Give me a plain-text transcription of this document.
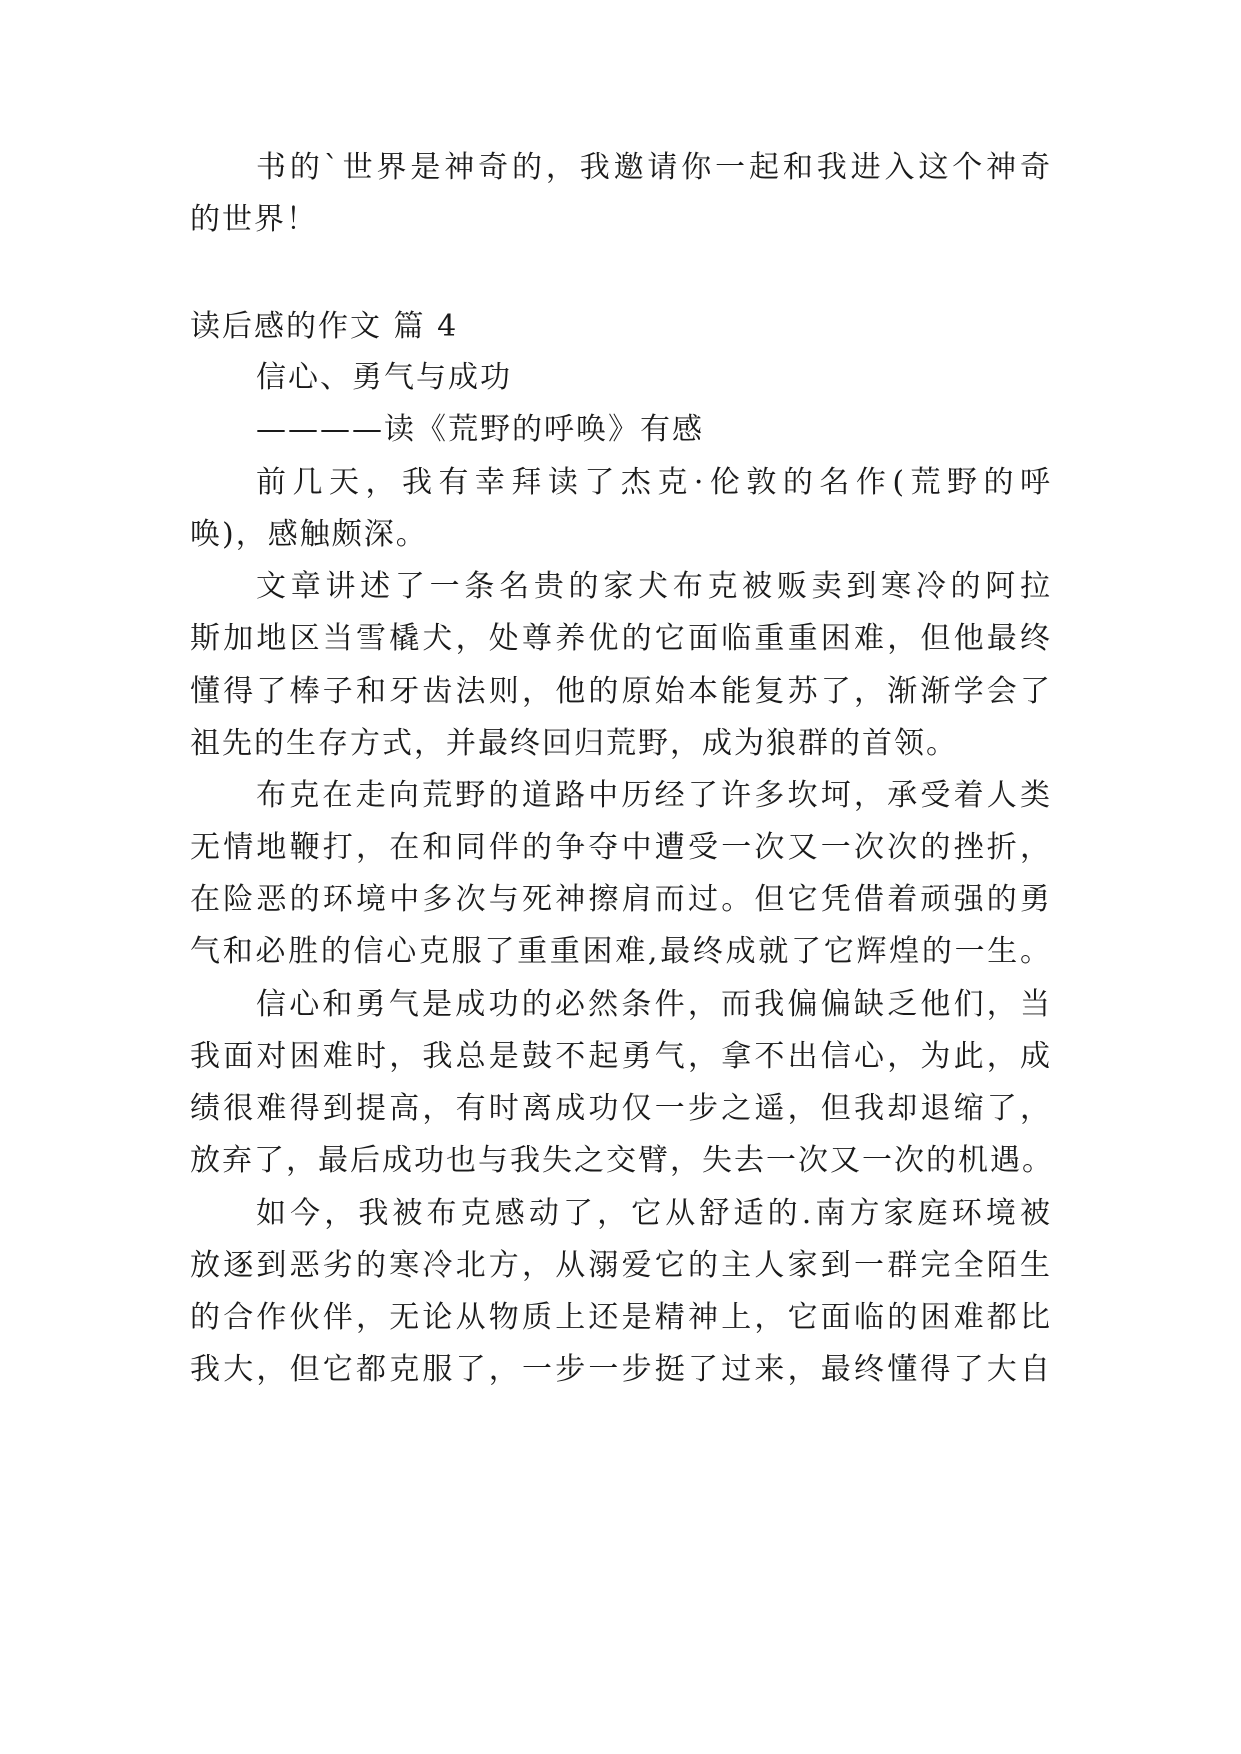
书的`世界是神奇的，我邀请你一起和我进入这个神奇
的世界！
读后感的作文 篇 4
信心、勇气与成功
————读《荒野的呼唤》有感
前几天，我有幸拜读了杰克·伦敦的名作(荒野的呼
唤)，感触颇深。
文章讲述了一条名贵的家犬布克被贩卖到寒冷的阿拉
斯加地区当雪橇犬，处尊养优的它面临重重困难，但他最终
懂得了棒子和牙齿法则，他的原始本能复苏了，渐渐学会了
祖先的生存方式，并最终回归荒野，成为狼群的首领。
布克在走向荒野的道路中历经了许多坎坷，承受着人类
无情地鞭打，在和同伴的争夺中遭受一次又一次次的挫折，
在险恶的环境中多次与死神擦肩而过。但它凭借着顽强的勇
气和必胜的信心克服了重重困难,最终成就了它辉煌的一生。
信心和勇气是成功的必然条件，而我偏偏缺乏他们，当
我面对困难时，我总是鼓不起勇气，拿不出信心，为此，成
绩很难得到提高，有时离成功仅一步之遥，但我却退缩了，
放弃了，最后成功也与我失之交臂，失去一次又一次的机遇。
如今，我被布克感动了，它从舒适的.南方家庭环境被
放逐到恶劣的寒冷北方，从溺爱它的主人家到一群完全陌生
的合作伙伴，无论从物质上还是精神上，它面临的困难都比
我大，但它都克服了，一步一步挺了过来，最终懂得了大自
